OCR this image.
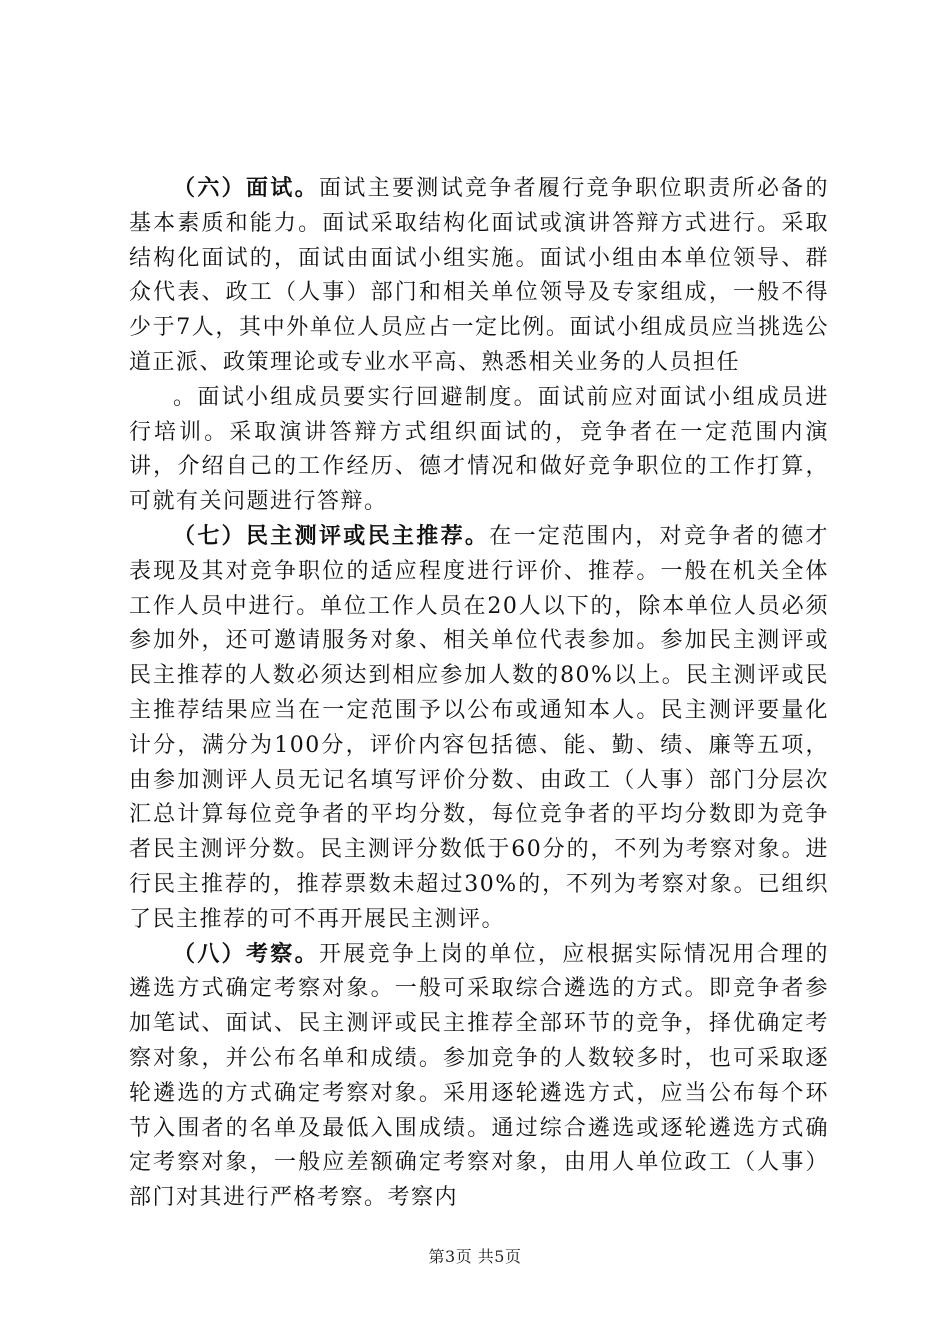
（六）面试。面试主要测试竞争者履行竞争职位职责所必备的基本素质和能力。面试采取结构化面试或演讲答辩方式进行。采取结构化面试的，面试由面试小组实施。面试小组由本单位领导、群众代表、政工（人事）部门和相关单位领导及专家组成，一般不得少于7人，其中外单位人员应占一定比例。面试小组成员应当挑选公道正派、政策理论或专业水平高、熟悉相关业务的人员担任

。面试小组成员要实行回避制度。面试前应对面试小组成员进行培训。采取演讲答辩方式组织面试的，竞争者在一定范围内演讲，介绍自己的工作经历、德才情况和做好竞争职位的工作打算，可就有关问题进行答辩。

（七）民主测评或民主推荐。在一定范围内，对竞争者的德才表现及其对竞争职位的适应程度进行评价、推荐。一般在机关全体工作人员中进行。单位工作人员在20人以下的，除本单位人员必须参加外，还可邀请服务对象、相关单位代表参加。参加民主测评或民主推荐的人数必须达到相应参加人数的80%以上。民主测评或民主推荐结果应当在一定范围予以公布或通知本人。民主测评要量化计分，满分为100分，评价内容包括德、能、勤、绩、廉等五项，由参加测评人员无记名填写评价分数、由政工（人事）部门分层次汇总计算每位竞争者的平均分数，每位竞争者的平均分数即为竞争者民主测评分数。民主测评分数低于60分的，不列为考察对象。进行民主推荐的，推荐票数未超过30%的，不列为考察对象。已组织了民主推荐的可不再开展民主测评。

（八）考察。开展竞争上岗的单位，应根据实际情况用合理的遴选方式确定考察对象。一般可采取综合遴选的方式。即竞争者参加笔试、面试、民主测评或民主推荐全部环节的竞争，择优确定考察对象，并公布名单和成绩。参加竞争的人数较多时，也可采取逐轮遴选的方式确定考察对象。采用逐轮遴选方式，应当公布每个环节入围者的名单及最低入围成绩。通过综合遴选或逐轮遴选方式确定考察对象，一般应差额确定考察对象，由用人单位政工（人事）部门对其进行严格考察。考察内

第3页 共5页
